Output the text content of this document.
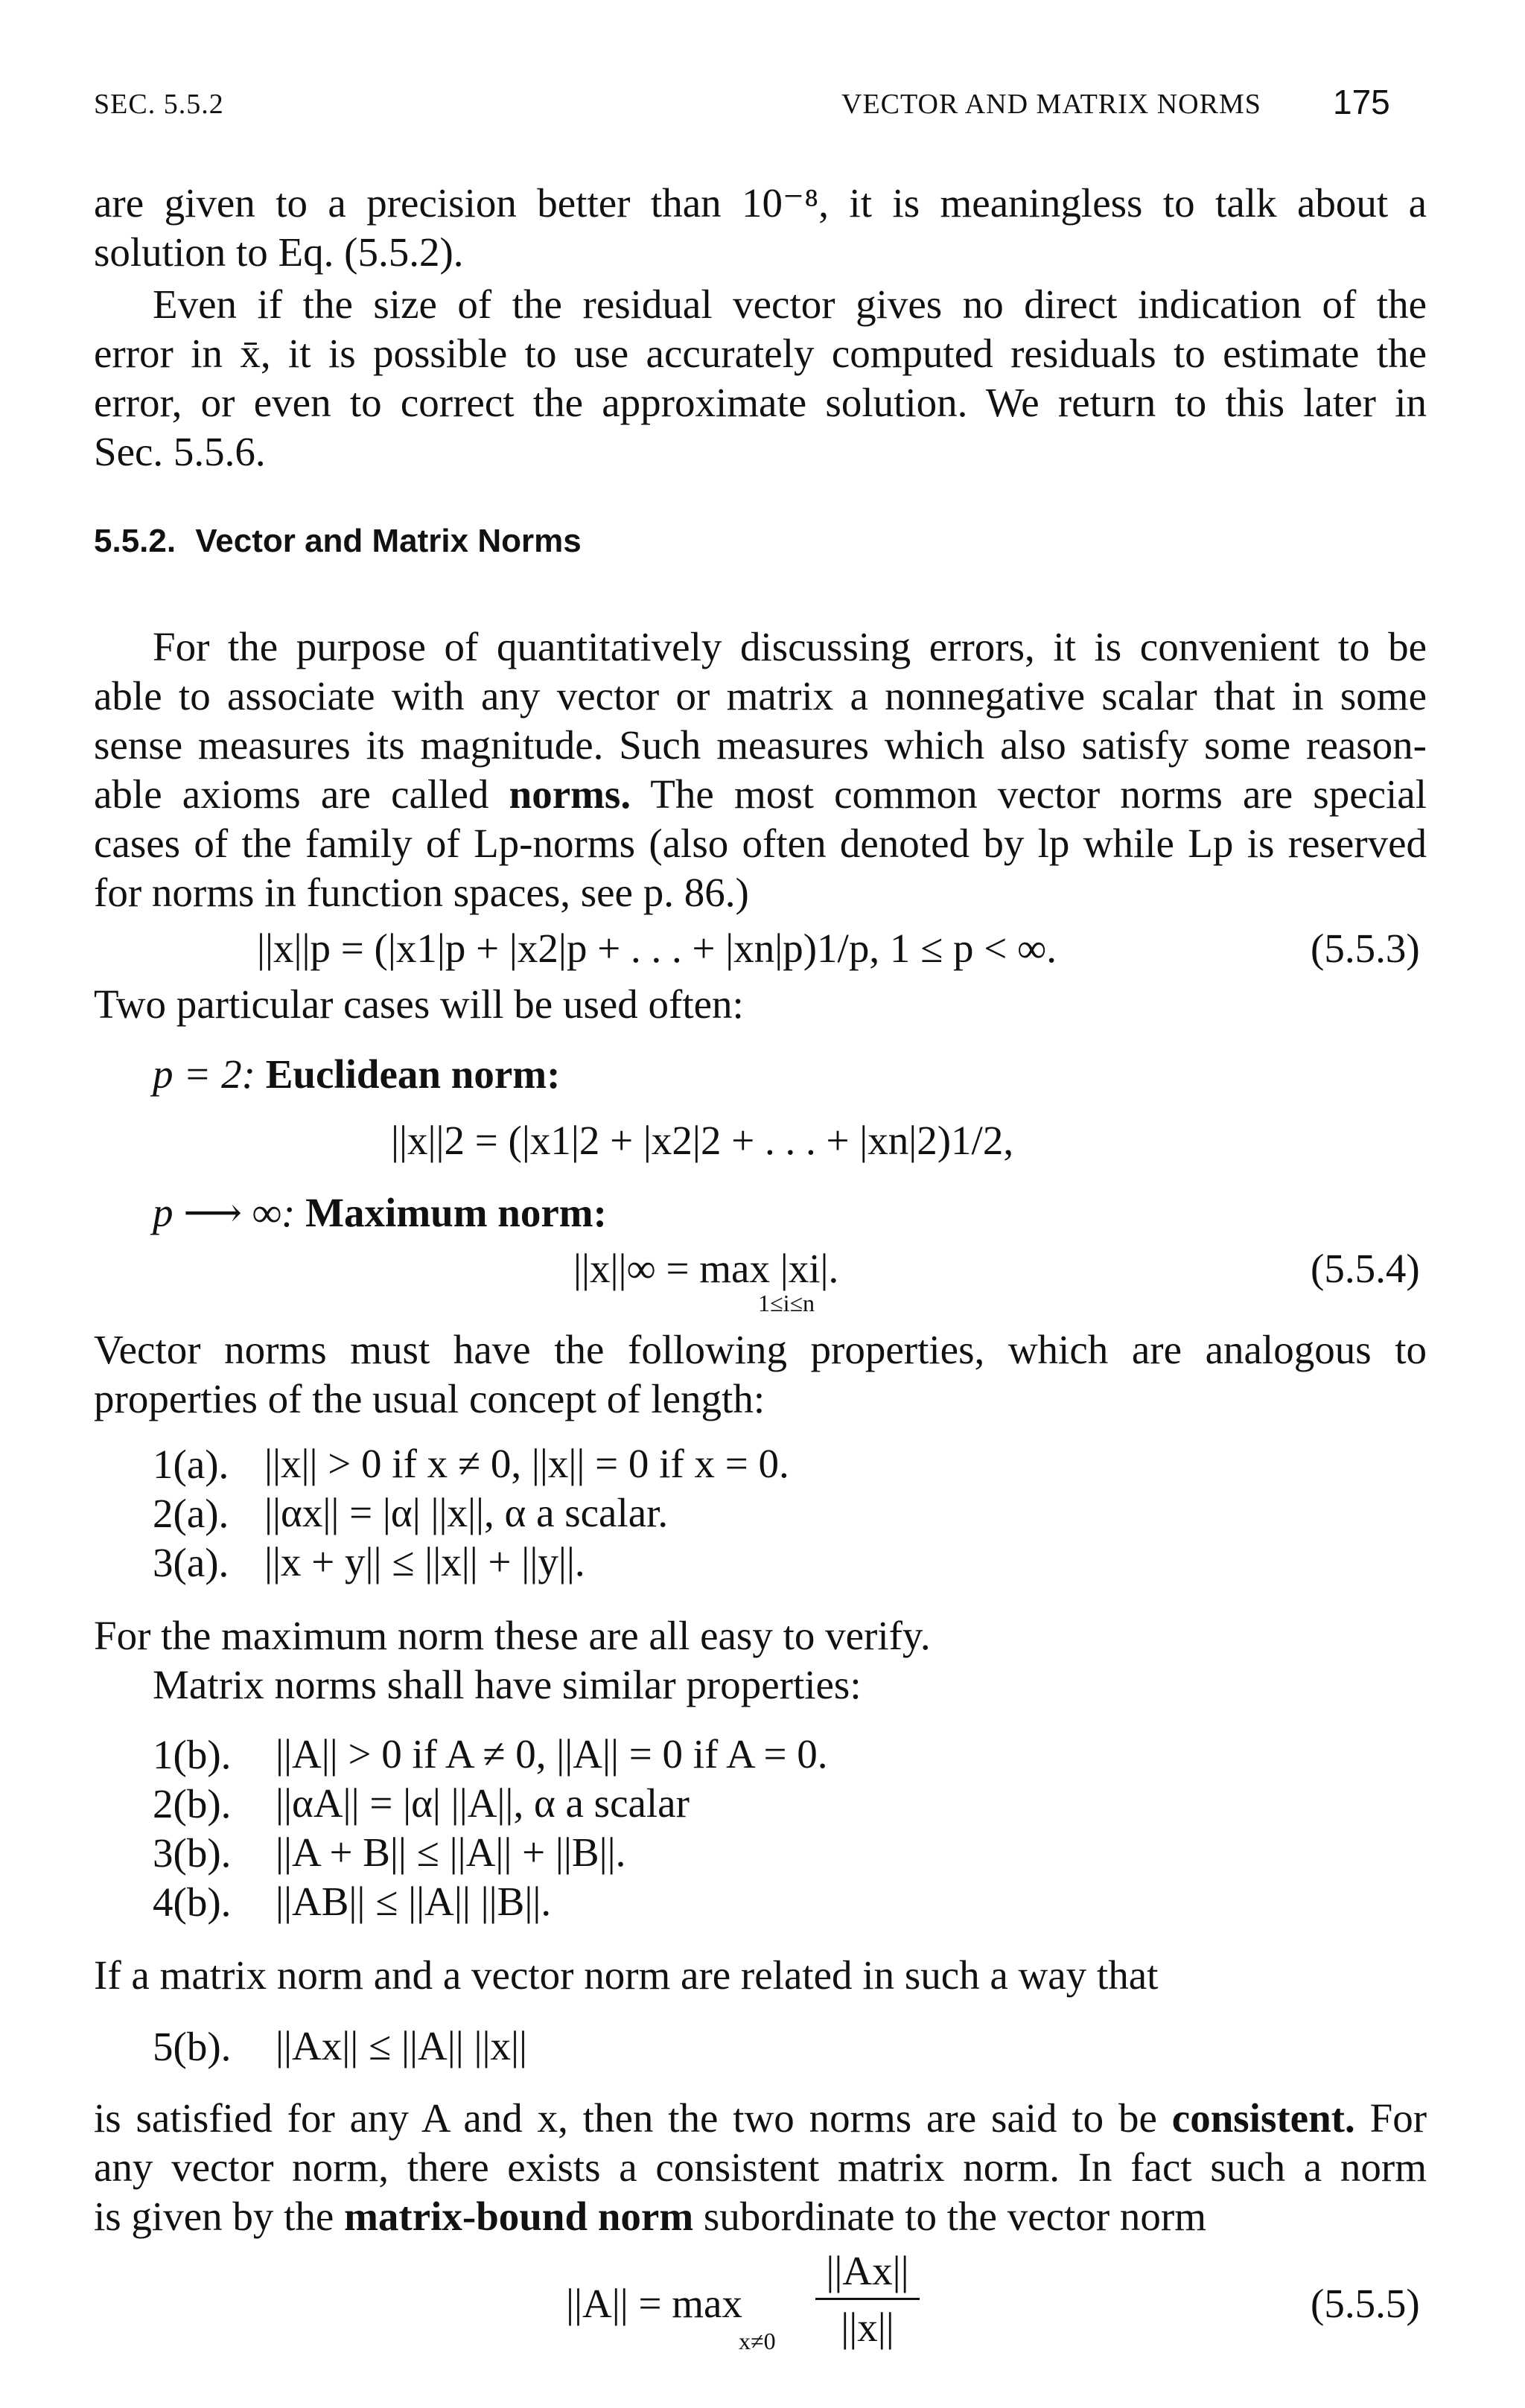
SEC. 5.5.2	VECTOR AND MATRIX NORMS 175
are given to a precision better than 10⁻⁸, it is meaningless to talk about a
solution to Eq. (5.5.2).
Even if the size of the residual vector gives no direct indication of the
error in x̄, it is possible to use accurately computed residuals to estimate the
error, or even to correct the approximate solution. We return to this later in
Sec. 5.5.6.
5.5.2. Vector and Matrix Norms
For the purpose of quantitatively discussing errors, it is convenient to be
able to associate with any vector or matrix a nonnegative scalar that in some
sense measures its magnitude. Such measures which also satisfy some reason-
able axioms are called norms. The most common vector norms are special
cases of the family of Lp-norms (also often denoted by lp while Lp is reserved
for norms in function spaces, see p. 86.)
||x||p = (|x1|p + |x2|p + . . . + |xn|p)1/p, 1 ≤ p < ∞.	(5.5.3)
Two particular cases will be used often:
p = 2: Euclidean norm:
||x||2 = (|x1|2 + |x2|2 + . . . + |xn|2)1/2,
p ⟶ ∞: Maximum norm:
||x||∞ = max |xi|.
1≤i≤n
(5.5.4)
Vector norms must have the following properties, which are analogous to
properties of the usual concept of length:
1(a). ||x|| > 0 if x ≠ 0, ||x|| = 0 if x = 0.
2(a). ||αx|| = |α| ||x||, α a scalar.
3(a). ||x + y|| ≤ ||x|| + ||y||.
For the maximum norm these are all easy to verify.
Matrix norms shall have similar properties:
1(b). ||A|| > 0 if A ≠ 0, ||A|| = 0 if A = 0.
2(b). ||αA|| = |α| ||A||, α a scalar
3(b). ||A + B|| ≤ ||A|| + ||B||.
4(b). ||AB|| ≤ ||A|| ||B||.
If a matrix norm and a vector norm are related in such a way that
5(b). ||Ax|| ≤ ||A|| ||x||
is satisfied for any A and x, then the two norms are said to be consistent. For
any vector norm, there exists a consistent matrix norm. In fact such a norm
is given by the matrix-bound norm subordinate to the vector norm
||A|| = max
x≠0
||Ax||
||x||
(5.5.5)
